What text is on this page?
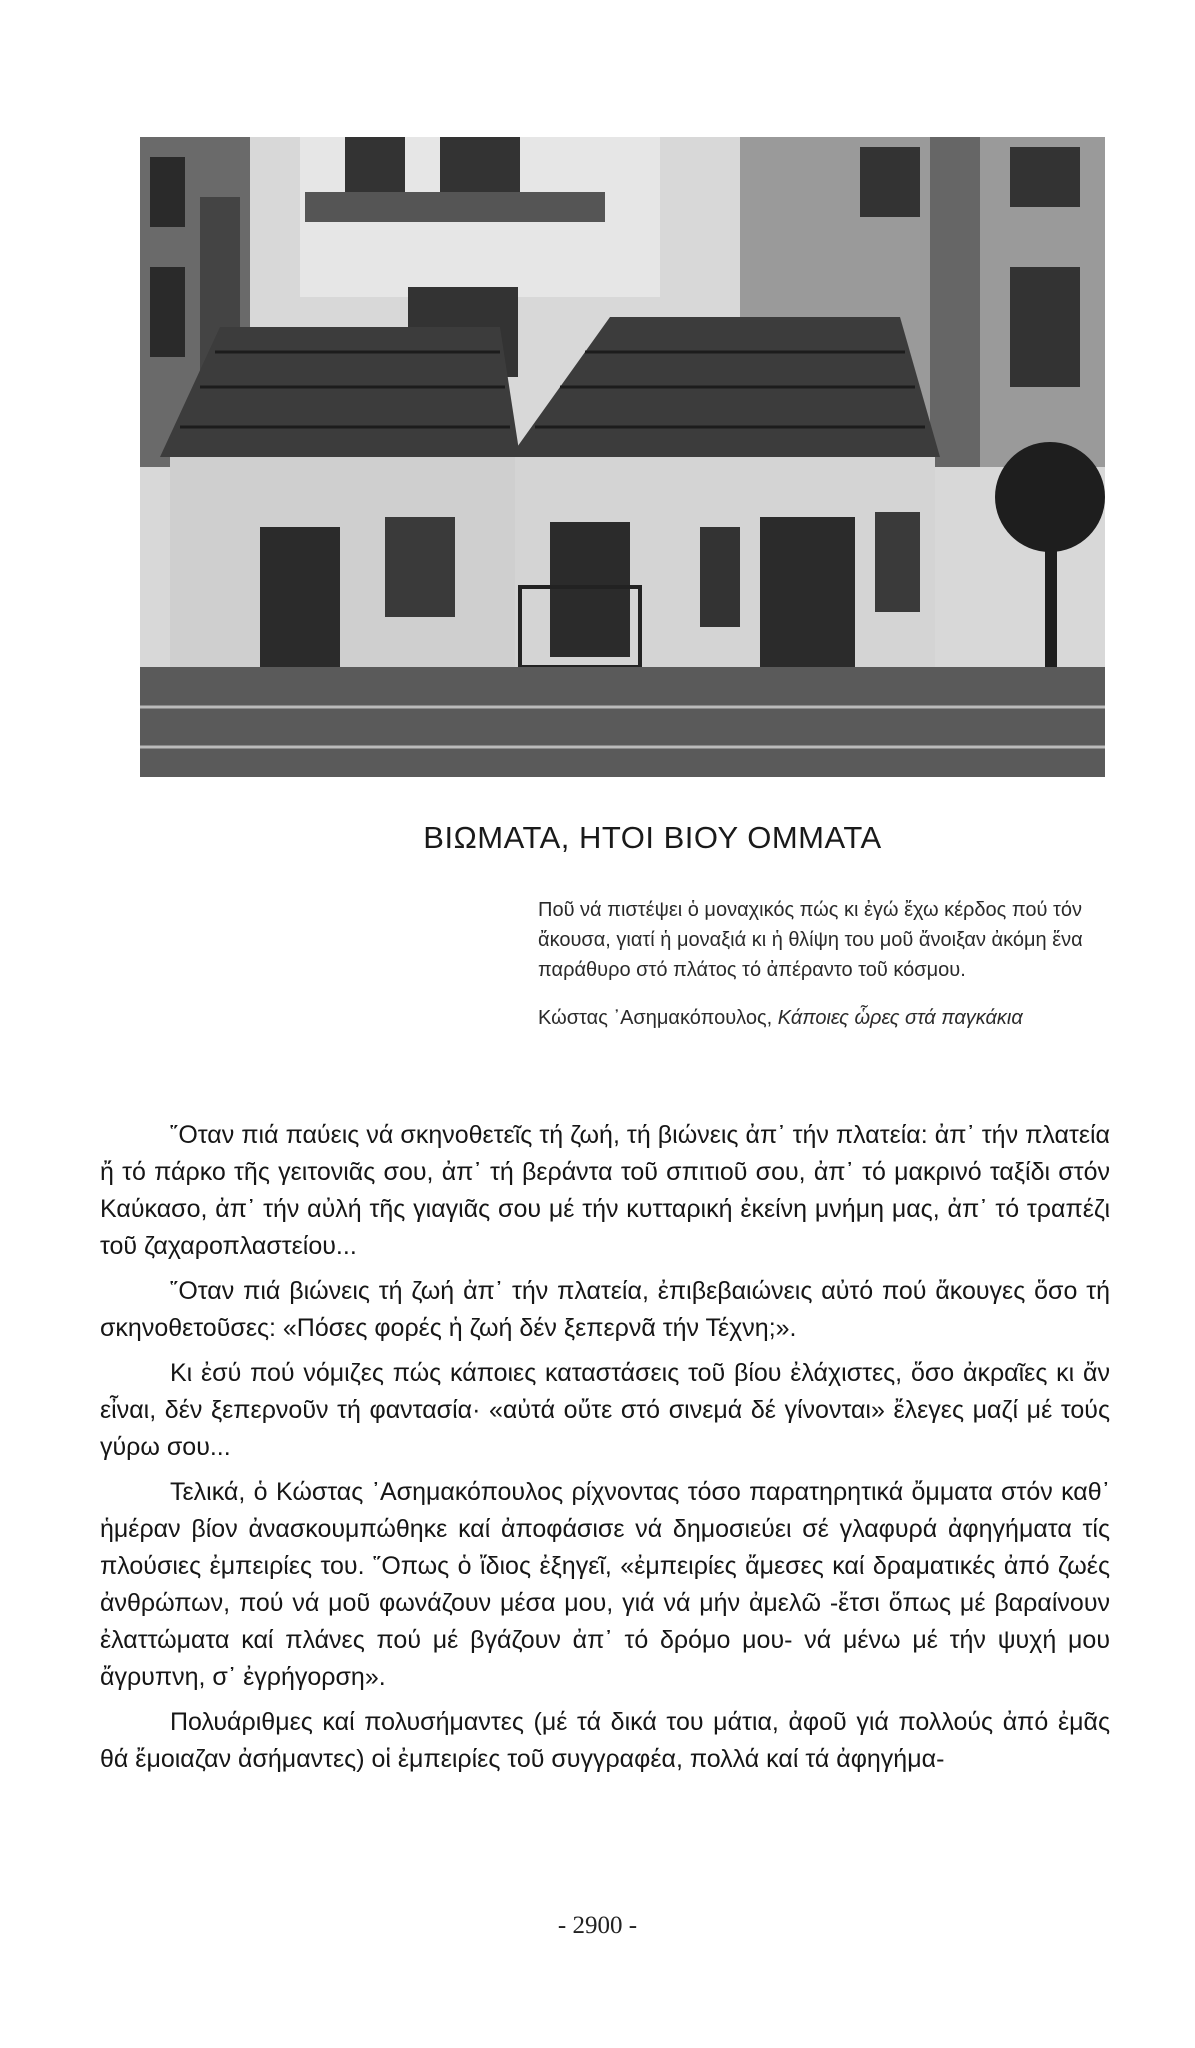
ΒΙΩΜΑΤΑ, ΗΤΟΙ ΒΙΟΥ ΟΜΜΑΤΑ

Ποῦ νά πιστέψει ὁ μοναχικός πώς κι ἐγώ ἔχω κέρδος πού τόν ἄκουσα, γιατί ἡ μοναξιά κι ἡ θλίψη του μοῦ ἄνοιξαν ἀκόμη ἕνα παράθυρο στό πλάτος τό ἀπέραντο τοῦ κόσμου.

Κώστας ᾿Ασημακόπουλος, Κάποιες ὧρες στά παγκάκια

῞Οταν πιά παύεις νά σκηνοθετεῖς τή ζωή, τή βιώνεις ἀπ᾿ τήν πλατεία: ἀπ᾿ τήν πλατεία ἤ τό πάρκο τῆς γειτονιᾶς σου, ἀπ᾿ τή βεράντα τοῦ σπιτιοῦ σου, ἀπ᾿ τό μακρινό ταξίδι στόν Καύκασο, ἀπ᾿ τήν αὐλή τῆς γιαγιᾶς σου μέ τήν κυτταρική ἐκείνη μνήμη μας, ἀπ᾿ τό τραπέζι τοῦ ζαχαροπλαστείου...

῞Οταν πιά βιώνεις τή ζωή ἀπ᾿ τήν πλατεία, ἐπιβεβαιώνεις αὐτό πού ἄκουγες ὅσο τή σκηνοθετοῦσες: «Πόσες φορές ἡ ζωή δέν ξεπερνᾶ τήν Τέχνη;».

Κι ἐσύ πού νόμιζες πώς κάποιες καταστάσεις τοῦ βίου ἐλάχιστες, ὅσο ἀκραῖες κι ἄν εἶναι, δέν ξεπερνοῦν τή φαντασία· «αὐτά οὔτε στό σινεμά δέ γίνονται» ἔλεγες μαζί μέ τούς γύρω σου...

Τελικά, ὁ Κώστας ᾿Ασημακόπουλος ρίχνοντας τόσο παρατηρητικά ὄμματα στόν καθ᾿ ἡμέραν βίον ἀνασκουμπώθηκε καί ἀποφάσισε νά δημοσιεύει σέ γλαφυρά ἀφηγήματα τίς πλούσιες ἐμπειρίες του. ῞Οπως ὁ ἴδιος ἐξηγεῖ, «ἐμπειρίες ἄμεσες καί δραματικές ἀπό ζωές ἀνθρώπων, πού νά μοῦ φωνάζουν μέσα μου, γιά νά μήν ἀμελῶ -ἔτσι ὅπως μέ βαραίνουν ἐλαττώματα καί πλάνες πού μέ βγάζουν ἀπ᾿ τό δρόμο μου- νά μένω μέ τήν ψυχή μου ἄγρυπνη, σ᾿ ἐγρήγορση».

Πολυάριθμες καί πολυσήμαντες (μέ τά δικά του μάτια, ἀφοῦ γιά πολλούς ἀπό ἐμᾶς θά ἔμοιαζαν ἀσήμαντες) οἱ ἐμπειρίες τοῦ συγγραφέα, πολλά καί τά ἀφηγήμα-

- 2900 -
